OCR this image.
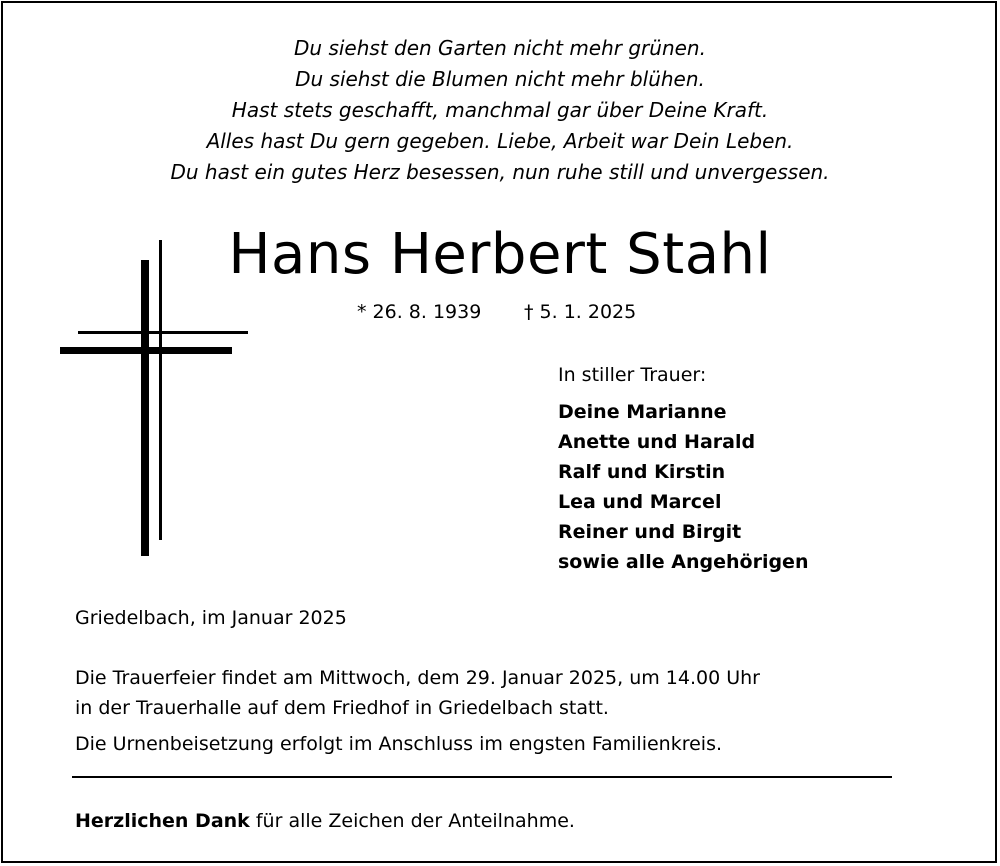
Du siehst den Garten nicht mehr grünen.
Du siehst die Blumen nicht mehr blühen.
Hast stets geschafft, manchmal gar über Deine Kraft.
Alles hast Du gern gegeben. Liebe, Arbeit war Dein Leben.
Du hast ein gutes Herz besessen, nun ruhe still und unvergessen.
Hans Herbert Stahl
* 26. 8. 1939 † 5. 1. 2025
In stiller Trauer:
Deine Marianne
Anette und Harald
Ralf und Kirstin
Lea und Marcel
Reiner und Birgit
sowie alle Angehörigen
Griedelbach, im Januar 2025
Die Trauerfeier findet am Mittwoch, dem 29. Januar 2025, um 14.00 Uhr
in der Trauerhalle auf dem Friedhof in Griedelbach statt.
Die Urnenbeisetzung erfolgt im Anschluss im engsten Familienkreis.
Herzlichen Dank für alle Zeichen der Anteilnahme.
